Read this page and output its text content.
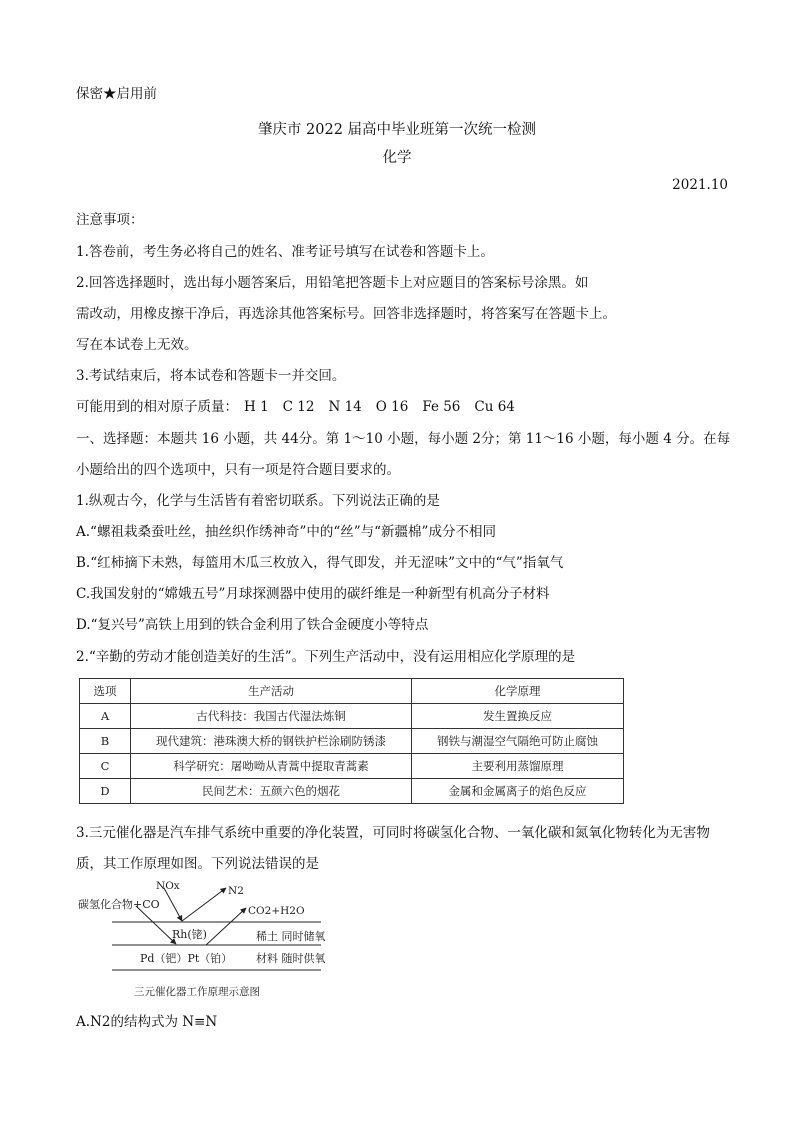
保密★启用前
肇庆市 2022 届高中毕业班第一次统一检测
化学
2021.10
注意事项：
1.答卷前，考生务必将自己的姓名、准考证号填写在试卷和答题卡上。
2.回答选择题时，选出每小题答案后，用铅笔把答题卡上对应题目的答案标号涂黑。如
需改动，用橡皮擦干净后，再选涂其他答案标号。回答非选择题时，将答案写在答题卡上。
写在本试卷上无效。
3.考试结束后，将本试卷和答题卡一并交回。
可能用到的相对原子质量： H 1 C 12 N 14 O 16 Fe 56 Cu 64
一、选择题：本题共 16 小题，共 44分。第 1～10 小题，每小题 2分；第 11～16 小题，每小题 4 分。在每
小题给出的四个选项中，只有一项是符合题目要求的。
1.纵观古今，化学与生活皆有着密切联系。下列说法正确的是
A.“螺祖栽桑蚕吐丝，抽丝织作绣神奇”中的“丝”与“新疆棉”成分不相同
B.“红柿摘下未熟，每篮用木瓜三枚放入，得气即发，并无涩味”文中的“气”指氧气
C.我国发射的“嫦娥五号”月球探测器中使用的碳纤维是一种新型有机高分子材料
D.“复兴号”高铁上用到的铁合金利用了铁合金硬度小等特点
2.“辛勤的劳动才能创造美好的生活”。下列生产活动中，没有运用相应化学原理的是
选项	生产活动	化学原理
A	古代科技：我国古代湿法炼铜	发生置换反应
B	现代建筑：港珠澳大桥的钢铁护栏涂刷防锈漆	钢铁与潮湿空气隔绝可防止腐蚀
C	科学研究：屠呦呦从青蒿中提取青蒿素	主要利用蒸馏原理
D	民间艺术：五颜六色的烟花	金属和金属离子的焰色反应
3.三元催化器是汽车排气系统中重要的净化装置，可同时将碳氢化合物、一氧化碳和氮氧化物转化为无害物
质，其工作原理如图。下列说法错误的是
NOx	N2
碳氢化合物+CO	CO2+H2O
Rh(铑)	稀土 同时储氧
Pd（钯）Pt（铂） 材料 随时供氧
三元催化器工作原理示意图
A.N2的结构式为 N≡N
